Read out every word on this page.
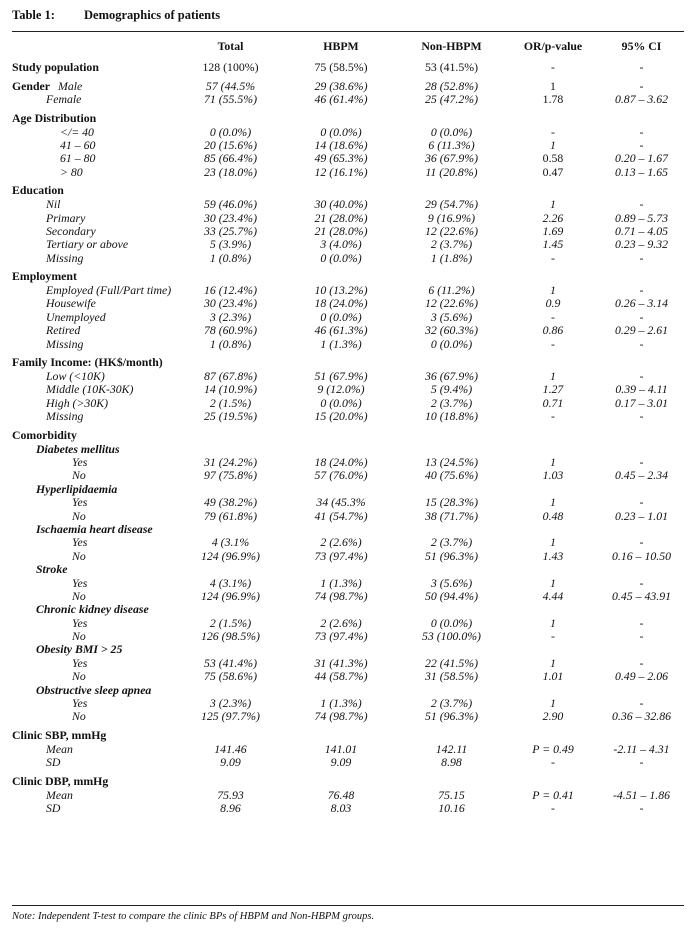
Table 1: Demographics of patients
	Total	HBPM	Non-HBPM	OR/p-value	95% CI
Study population	128 (100%)	75 (58.5%)	53 (41.5%)	-	-
Gender Male	57 (44.5%	29 (38.6%)	28 (52.8%)	1	-
Female	71 (55.5%)	46 (61.4%)	25 (47.2%)	1.78	0.87 – 3.62
Age Distribution					
</= 40	0 (0.0%)	0 (0.0%)	0 (0.0%)	-	-
41 – 60	20 (15.6%)	14 (18.6%)	6 (11.3%)	1	-
61 – 80	85 (66.4%)	49 (65.3%)	36 (67.9%)	0.58	0.20 – 1.67
> 80	23 (18.0%)	12 (16.1%)	11 (20.8%)	0.47	0.13 – 1.65
Education					
Nil	59 (46.0%)	30 (40.0%)	29 (54.7%)	1	-
Primary	30 (23.4%)	21 (28.0%)	9 (16.9%)	2.26	0.89 – 5.73
Secondary	33 (25.7%)	21 (28.0%)	12 (22.6%)	1.69	0.71 – 4.05
Tertiary or above	5 (3.9%)	3 (4.0%)	2 (3.7%)	1.45	0.23 – 9.32
Missing	1 (0.8%)	0 (0.0%)	1 (1.8%)	-	-
Employment					
Employed (Full/Part time)	16 (12.4%)	10 (13.2%)	6 (11.2%)	1	-
Housewife	30 (23.4%)	18 (24.0%)	12 (22.6%)	0.9	0.26 – 3.14
Unemployed	3 (2.3%)	0 (0.0%)	3 (5.6%)	-	-
Retired	78 (60.9%)	46 (61.3%)	32 (60.3%)	0.86	0.29 – 2.61
Missing	1 (0.8%)	1 (1.3%)	0 (0.0%)	-	-
Family Income: (HK$/month)					
Low (<10K)	87 (67.8%)	51 (67.9%)	36 (67.9%)	1	-
Middle (10K-30K)	14 (10.9%)	9 (12.0%)	5 (9.4%)	1.27	0.39 – 4.11
High (>30K)	2 (1.5%)	0 (0.0%)	2 (3.7%)	0.71	0.17 – 3.01
Missing	25 (19.5%)	15 (20.0%)	10 (18.8%)	-	-
Comorbidity					
Diabetes mellitus					
Yes	31 (24.2%)	18 (24.0%)	13 (24.5%)	1	-
No	97 (75.8%)	57 (76.0%)	40 (75.6%)	1.03	0.45 – 2.34
Hyperlipidaemia					
Yes	49 (38.2%)	34 (45.3%	15 (28.3%)	1	-
No	79 (61.8%)	41 (54.7%)	38 (71.7%)	0.48	0.23 – 1.01
Ischaemia heart disease					
Yes	4 (3.1%	2 (2.6%)	2 (3.7%)	1	-
No	124 (96.9%)	73 (97.4%)	51 (96.3%)	1.43	0.16 – 10.50
Stroke					
Yes	4 (3.1%)	1 (1.3%)	3 (5.6%)	1	-
No	124 (96.9%)	74 (98.7%)	50 (94.4%)	4.44	0.45 – 43.91
Chronic kidney disease					
Yes	2 (1.5%)	2 (2.6%)	0 (0.0%)	1	-
No	126 (98.5%)	73 (97.4%)	53 (100.0%)	-	-
Obesity BMI > 25					
Yes	53 (41.4%)	31 (41.3%)	22 (41.5%)	1	-
No	75 (58.6%)	44 (58.7%)	31 (58.5%)	1.01	0.49 – 2.06
Obstructive sleep apnea					
Yes	3 (2.3%)	1 (1.3%)	2 (3.7%)	1	-
No	125 (97.7%)	74 (98.7%)	51 (96.3%)	2.90	0.36 – 32.86
Clinic SBP, mmHg					
Mean	141.46	141.01	142.11	P = 0.49	-2.11 – 4.31
SD	9.09	9.09	8.98	-	-
Clinic DBP, mmHg					
Mean	75.93	76.48	75.15	P = 0.41	-4.51 – 1.86
SD	8.96	8.03	10.16	-	-
Note: Independent T-test to compare the clinic BPs of HBPM and Non-HBPM groups.
